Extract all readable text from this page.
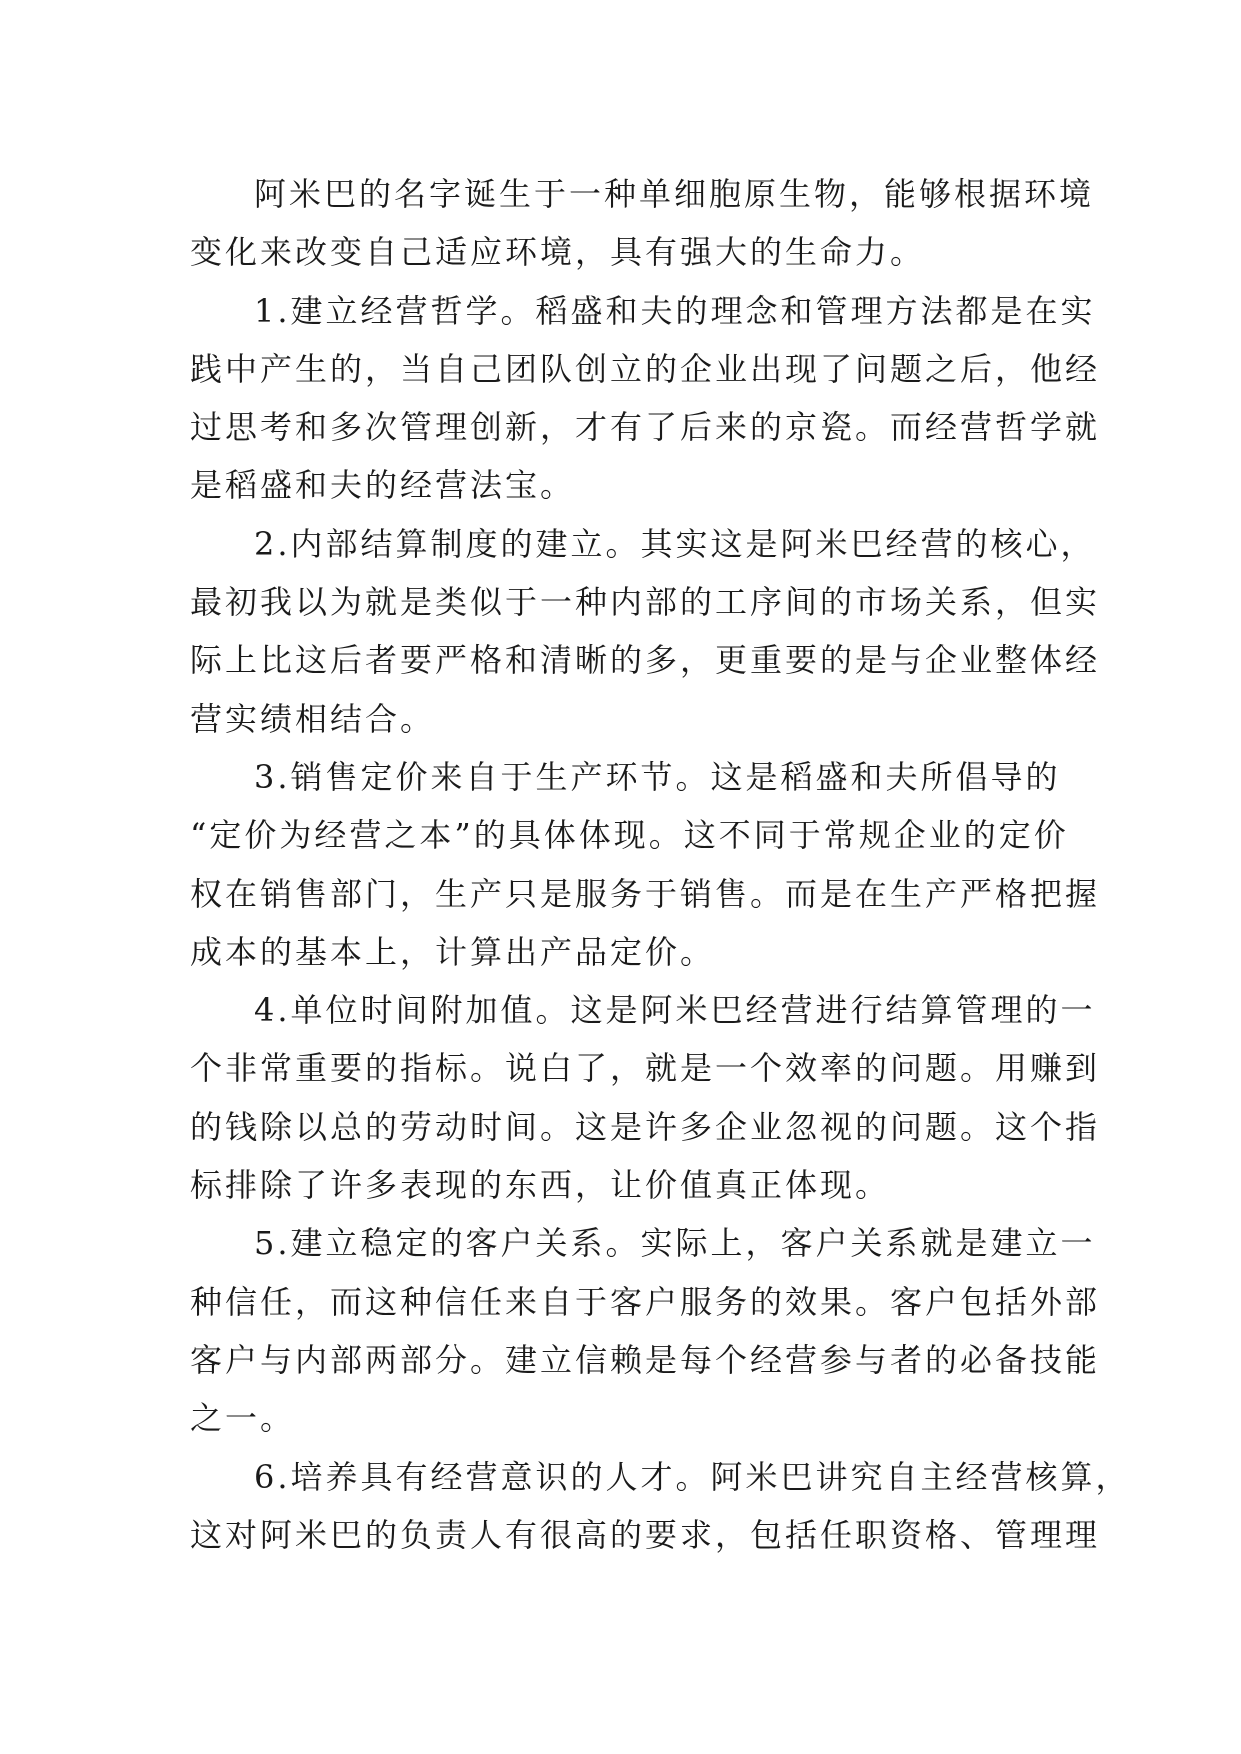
阿米巴的名字诞生于一种单细胞原生物，能够根据环境
变化来改变自己适应环境，具有强大的生命力。
1.建立经营哲学。稻盛和夫的理念和管理方法都是在实
践中产生的，当自己团队创立的企业出现了问题之后，他经
过思考和多次管理创新，才有了后来的京瓷。而经营哲学就
是稻盛和夫的经营法宝。
2.内部结算制度的建立。其实这是阿米巴经营的核心，
最初我以为就是类似于一种内部的工序间的市场关系，但实
际上比这后者要严格和清晰的多，更重要的是与企业整体经
营实绩相结合。
3.销售定价来自于生产环节。这是稻盛和夫所倡导的
“定价为经营之本”的具体体现。这不同于常规企业的定价
权在销售部门，生产只是服务于销售。而是在生产严格把握
成本的基本上，计算出产品定价。
4.单位时间附加值。这是阿米巴经营进行结算管理的一
个非常重要的指标。说白了，就是一个效率的问题。用赚到
的钱除以总的劳动时间。这是许多企业忽视的问题。这个指
标排除了许多表现的东西，让价值真正体现。
5.建立稳定的客户关系。实际上，客户关系就是建立一
种信任，而这种信任来自于客户服务的效果。客户包括外部
客户与内部两部分。建立信赖是每个经营参与者的必备技能
之一。
6.培养具有经营意识的人才。阿米巴讲究自主经营核算，
这对阿米巴的负责人有很高的要求，包括任职资格、管理理
